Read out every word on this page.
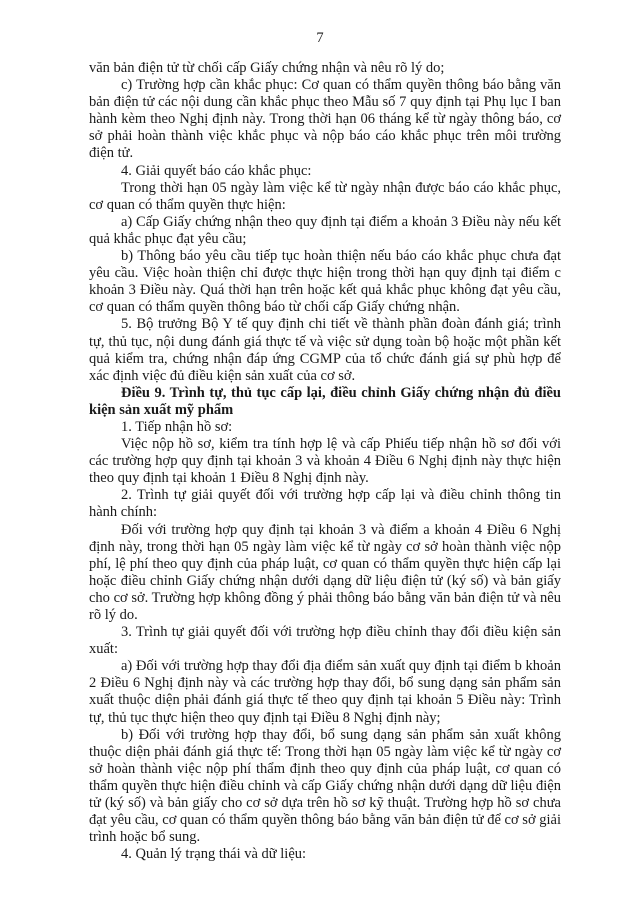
7

văn bản điện tử từ chối cấp Giấy chứng nhận và nêu rõ lý do;

c) Trường hợp cần khắc phục: Cơ quan có thẩm quyền thông báo bằng văn bản điện tử các nội dung cần khắc phục theo Mẫu số 7 quy định tại Phụ lục I ban hành kèm theo Nghị định này. Trong thời hạn 06 tháng kể từ ngày thông báo, cơ sở phải hoàn thành việc khắc phục và nộp báo cáo khắc phục trên môi trường điện tử.

4. Giải quyết báo cáo khắc phục:

Trong thời hạn 05 ngày làm việc kể từ ngày nhận được báo cáo khắc phục, cơ quan có thẩm quyền thực hiện:

a) Cấp Giấy chứng nhận theo quy định tại điểm a khoản 3 Điều này nếu kết quả khắc phục đạt yêu cầu;

b) Thông báo yêu cầu tiếp tục hoàn thiện nếu báo cáo khắc phục chưa đạt yêu cầu. Việc hoàn thiện chỉ được thực hiện trong thời hạn quy định tại điểm c khoản 3 Điều này. Quá thời hạn trên hoặc kết quả khắc phục không đạt yêu cầu, cơ quan có thẩm quyền thông báo từ chối cấp Giấy chứng nhận.

5. Bộ trưởng Bộ Y tế quy định chi tiết về thành phần đoàn đánh giá; trình tự, thủ tục, nội dung đánh giá thực tế và việc sử dụng toàn bộ hoặc một phần kết quả kiểm tra, chứng nhận đáp ứng CGMP của tổ chức đánh giá sự phù hợp để xác định việc đủ điều kiện sản xuất của cơ sở.

Điều 9. Trình tự, thủ tục cấp lại, điều chỉnh Giấy chứng nhận đủ điều kiện sản xuất mỹ phẩm

1. Tiếp nhận hồ sơ:

Việc nộp hồ sơ, kiểm tra tính hợp lệ và cấp Phiếu tiếp nhận hồ sơ đối với các trường hợp quy định tại khoản 3 và khoản 4 Điều 6 Nghị định này thực hiện theo quy định tại khoản 1 Điều 8 Nghị định này.

2. Trình tự giải quyết đối với trường hợp cấp lại và điều chỉnh thông tin hành chính:

Đối với trường hợp quy định tại khoản 3 và điểm a khoản 4 Điều 6 Nghị định này, trong thời hạn 05 ngày làm việc kể từ ngày cơ sở hoàn thành việc nộp phí, lệ phí theo quy định của pháp luật, cơ quan có thẩm quyền thực hiện cấp lại hoặc điều chỉnh Giấy chứng nhận dưới dạng dữ liệu điện tử (ký số) và bản giấy cho cơ sở. Trường hợp không đồng ý phải thông báo bằng văn bản điện tử và nêu rõ lý do.

3. Trình tự giải quyết đối với trường hợp điều chỉnh thay đổi điều kiện sản xuất:

a) Đối với trường hợp thay đổi địa điểm sản xuất quy định tại điểm b khoản 2 Điều 6 Nghị định này và các trường hợp thay đổi, bổ sung dạng sản phẩm sản xuất thuộc diện phải đánh giá thực tế theo quy định tại khoản 5 Điều này: Trình tự, thủ tục thực hiện theo quy định tại Điều 8 Nghị định này;

b) Đối với trường hợp thay đổi, bổ sung dạng sản phẩm sản xuất không thuộc diện phải đánh giá thực tế: Trong thời hạn 05 ngày làm việc kể từ ngày cơ sở hoàn thành việc nộp phí thẩm định theo quy định của pháp luật, cơ quan có thẩm quyền thực hiện điều chỉnh và cấp Giấy chứng nhận dưới dạng dữ liệu điện tử (ký số) và bản giấy cho cơ sở dựa trên hồ sơ kỹ thuật. Trường hợp hồ sơ chưa đạt yêu cầu, cơ quan có thẩm quyền thông báo bằng văn bản điện tử để cơ sở giải trình hoặc bổ sung.

4. Quản lý trạng thái và dữ liệu:
